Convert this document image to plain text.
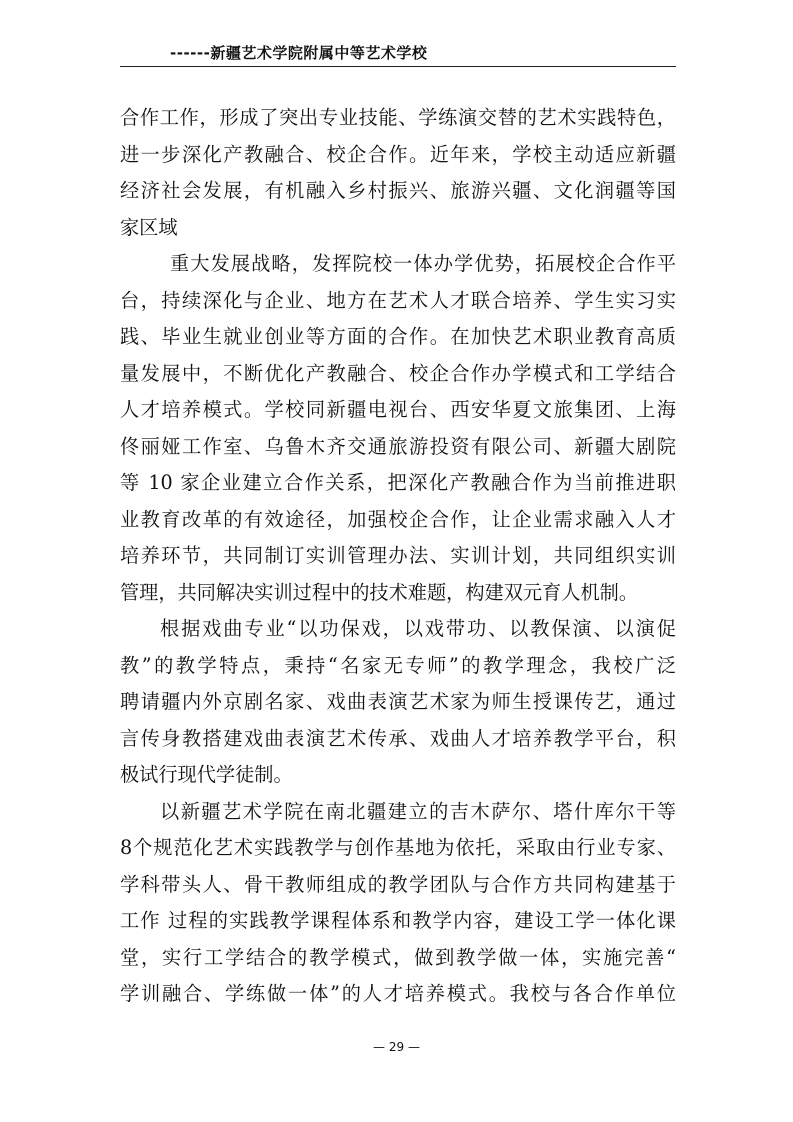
------新疆艺术学院附属中等艺术学校
合作工作，形成了突出专业技能、学练演交替的艺术实践特色，
进一步深化产教融合、校企合作。近年来，学校主动适应新疆
经济社会发展，有机融入乡村振兴、旅游兴疆、文化润疆等国
家区域
重大发展战略，发挥院校一体办学优势，拓展校企合作平
台，持续深化与企业、地方在艺术人才联合培养、学生实习实
践、毕业生就业创业等方面的合作。在加快艺术职业教育高质
量发展中，不断优化产教融合、校企合作办学模式和工学结合
人才培养模式。学校同新疆电视台、西安华夏文旅集团、上海
佟丽娅工作室、乌鲁木齐交通旅游投资有限公司、新疆大剧院
等 10 家企业建立合作关系，把深化产教融合作为当前推进职
业教育改革的有效途径，加强校企合作，让企业需求融入人才
培养环节，共同制订实训管理办法、实训计划，共同组织实训
管理，共同解决实训过程中的技术难题，构建双元育人机制。
根据戏曲专业“以功保戏，以戏带功、以教保演、以演促
教”的教学特点，秉持“名家无专师”的教学理念，我校广泛
聘请疆内外京剧名家、戏曲表演艺术家为师生授课传艺，通过
言传身教搭建戏曲表演艺术传承、戏曲人才培养教学平台，积
极试行现代学徒制。
以新疆艺术学院在南北疆建立的吉木萨尔、塔什库尔干等
8个规范化艺术实践教学与创作基地为依托，采取由行业专家、
学科带头人、骨干教师组成的教学团队与合作方共同构建基于
工作 过程的实践教学课程体系和教学内容，建设工学一体化课
堂，实行工学结合的教学模式，做到教学做一体，实施完善“
学训融合、学练做一体”的人才培养模式。我校与各合作单位
— 29 —
